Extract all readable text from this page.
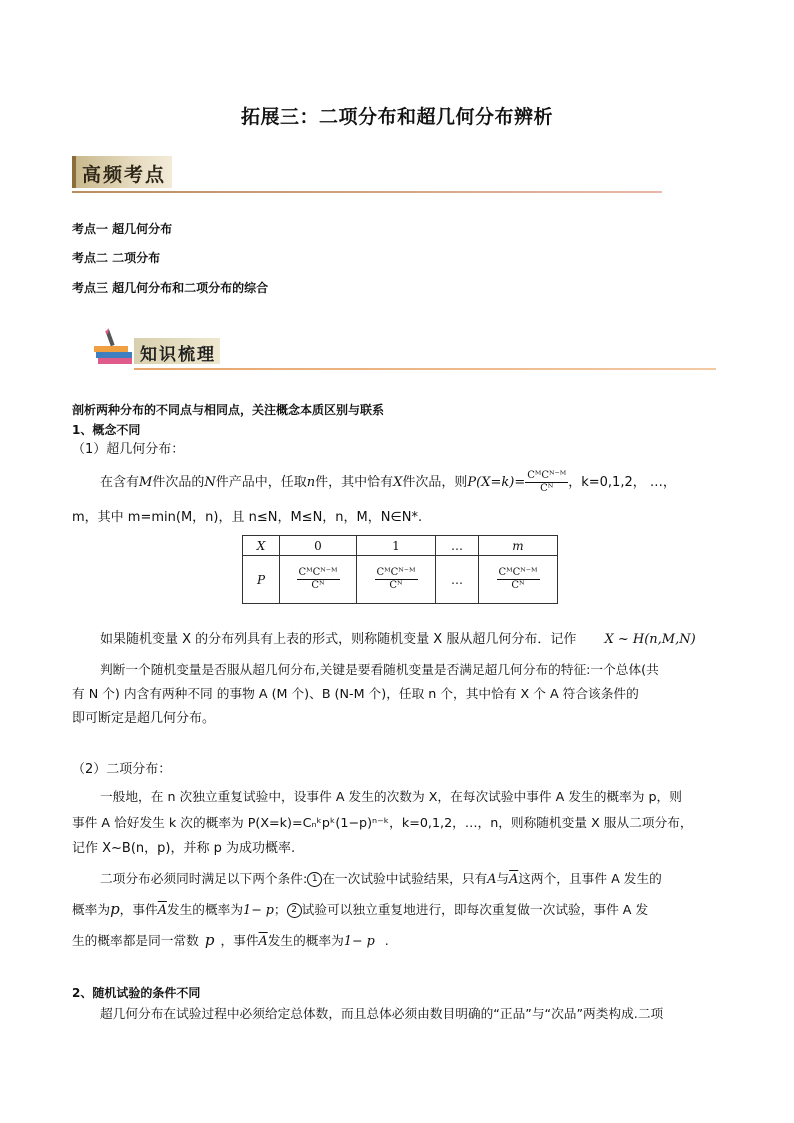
拓展三：二项分布和超几何分布辨析
高频考点
考点一 超几何分布
考点二 二项分布
考点三 超几何分布和二项分布的综合
知识梳理
剖析两种分布的不同点与相同点，关注概念本质区别与联系
1、概念不同
（1）超几何分布：
在含有M件次品的N件产品中，任取n件，其中恰有X件次品，则$P(X=k)= \frac{\text{CᴹCᴺ⁻ᴹ}}{\text{Cᴺ}}$ ，k=0,1,2， …，
m，其中 m=min(M，n)，且 n≤N，M≤N，n，M，N∈N*.
X	0	1	…	m
P	$\frac{\text{CᴹCᴺ⁻ᴹ}}{\text{Cᴺ}}$	$\frac{\text{CᴹCᴺ⁻ᴹ}}{\text{Cᴺ}}$	…	$\frac{\text{CᴹCᴺ⁻ᴹ}}{\text{Cᴺ}}$
如果随机变量 X 的分布列具有上表的形式，则称随机变量 X 服从超几何分布．记作 X ~ H(n,M,N)
判断一个随机变量是否服从超几何分布,关键是要看随机变量是否满足超几何分布的特征:一个总体(共
有 N 个) 内含有两种不同 的事物 A (M 个)、B (N-M 个)，任取 n 个，其中恰有 X 个 A 符合该条件的
即可断定是超几何分布。
（2）二项分布：
一般地，在 n 次独立重复试验中，设事件 A 发生的次数为 X，在每次试验中事件 A 发生的概率为 p，则
事件 A 恰好发生 k 次的概率为 P(X=k)=Cₙᵏpᵏ(1−p)ⁿ⁻ᵏ，k=0,1,2，…，n，则称随机变量 X 服从二项分布，
记作 X~B(n，p)，并称 p 为成功概率.
二项分布必须同时满足以下两个条件: 1 在一次试验中试验结果，只有A与$\overline{A}$这两个，且事件 A 发生的
概率为p，事件$\overline{A}$发生的概率为1− p； 2 试验可以独立重复地进行，即每次重复做一次试验，事件 A 发
生的概率都是同一常数 p ，事件$\overline{A}$发生的概率为1− p .
2、随机试验的条件不同
超几何分布在试验过程中必须给定总体数，而且总体必须由数目明确的“正品”与“次品”两类构成.二项
